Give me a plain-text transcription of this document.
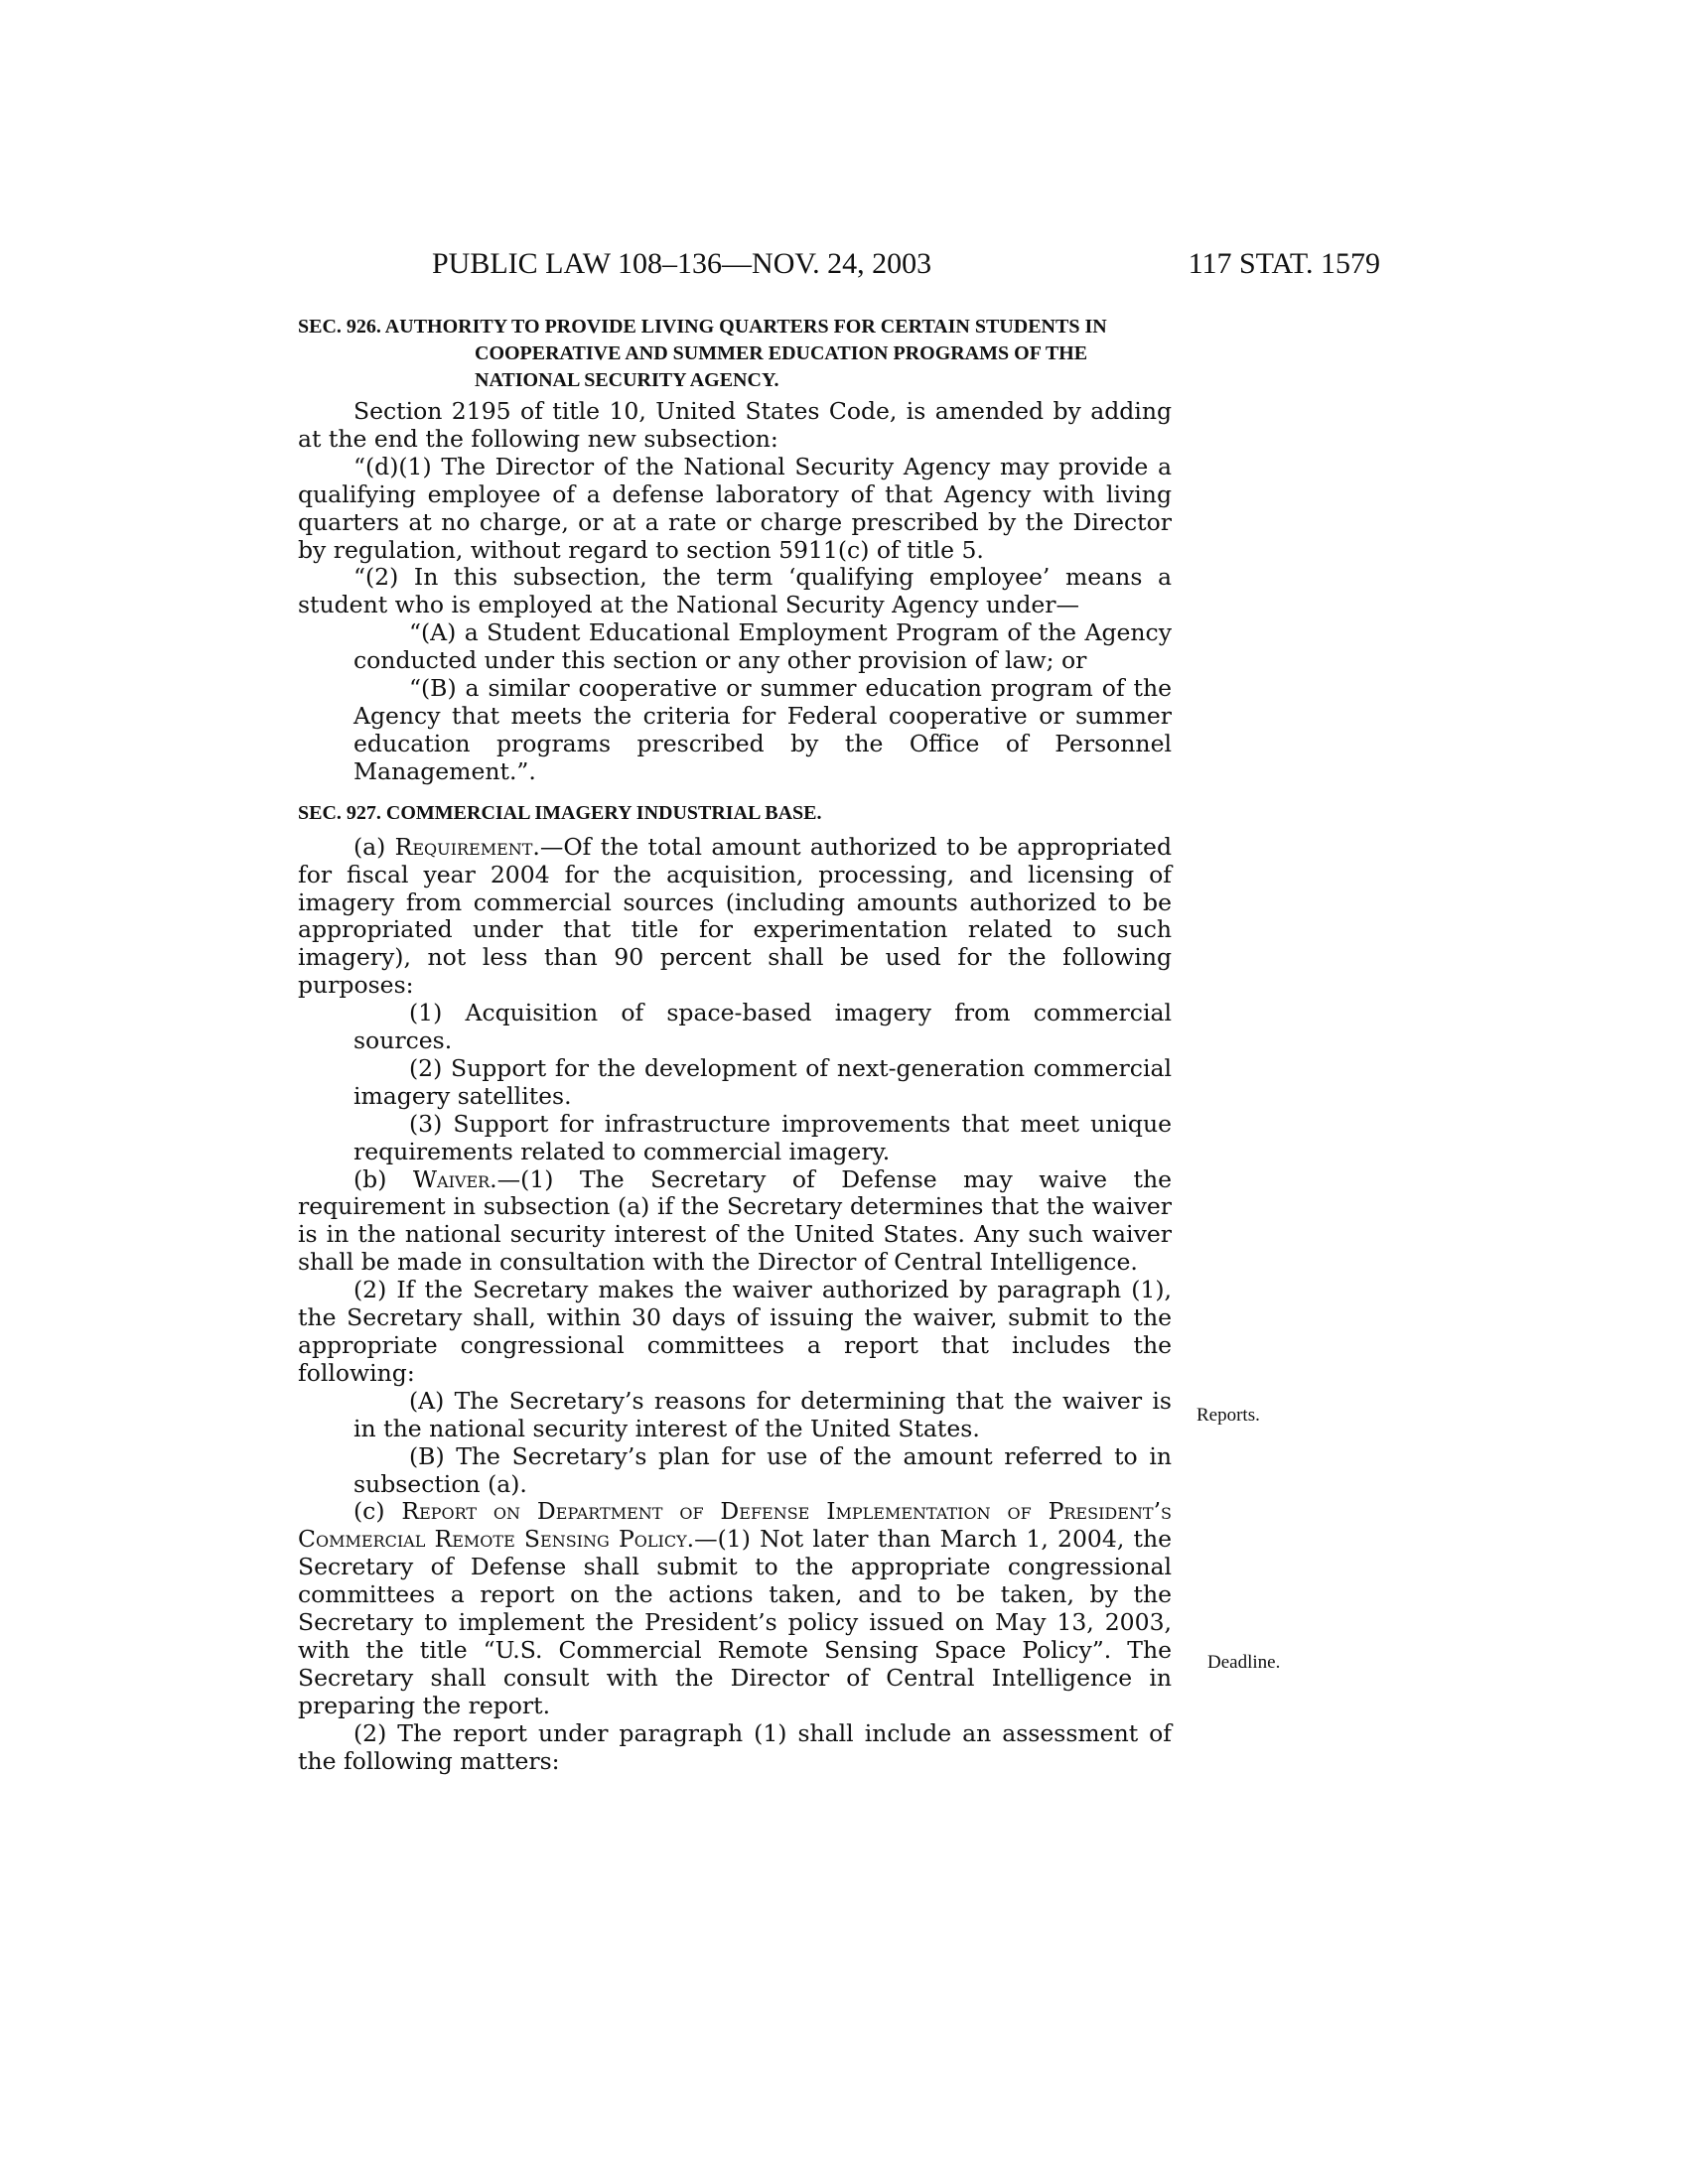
PUBLIC LAW 108–136—NOV. 24, 2003	117 STAT. 1579
SEC. 926. AUTHORITY TO PROVIDE LIVING QUARTERS FOR CERTAIN STUDENTS IN COOPERATIVE AND SUMMER EDUCATION PROGRAMS OF THE NATIONAL SECURITY AGENCY.

Section 2195 of title 10, United States Code, is amended by adding at the end the following new subsection:

“(d)(1) The Director of the National Security Agency may provide a qualifying employee of a defense laboratory of that Agency with living quarters at no charge, or at a rate or charge prescribed by the Director by regulation, without regard to section 5911(c) of title 5.

“(2) In this subsection, the term ‘qualifying employee’ means a student who is employed at the National Security Agency under—

“(A) a Student Educational Employment Program of the Agency conducted under this section or any other provision of law; or

“(B) a similar cooperative or summer education program of the Agency that meets the criteria for Federal cooperative or summer education programs prescribed by the Office of Personnel Management.”.

SEC. 927. COMMERCIAL IMAGERY INDUSTRIAL BASE.

(a) Requirement.—Of the total amount authorized to be appropriated for fiscal year 2004 for the acquisition, processing, and licensing of imagery from commercial sources (including amounts authorized to be appropriated under that title for experimentation related to such imagery), not less than 90 percent shall be used for the following purposes:

(1) Acquisition of space-based imagery from commercial sources.

(2) Support for the development of next-generation commercial imagery satellites.

(3) Support for infrastructure improvements that meet unique requirements related to commercial imagery.

(b) Waiver.—(1) The Secretary of Defense may waive the requirement in subsection (a) if the Secretary determines that the waiver is in the national security interest of the United States. Any such waiver shall be made in consultation with the Director of Central Intelligence.

(2) If the Secretary makes the waiver authorized by paragraph (1), the Secretary shall, within 30 days of issuing the waiver, submit to the appropriate congressional committees a report that includes the following:

(A) The Secretary’s reasons for determining that the waiver is in the national security interest of the United States.

(B) The Secretary’s plan for use of the amount referred to in subsection (a).

(c) Report on Department of Defense Implementation of President’s Commercial Remote Sensing Policy.—(1) Not later than March 1, 2004, the Secretary of Defense shall submit to the appropriate congressional committees a report on the actions taken, and to be taken, by the Secretary to implement the President’s policy issued on May 13, 2003, with the title “U.S. Commercial Remote Sensing Space Policy”. The Secretary shall consult with the Director of Central Intelligence in preparing the report.

(2) The report under paragraph (1) shall include an assessment of the following matters:

Reports.
Deadline.
